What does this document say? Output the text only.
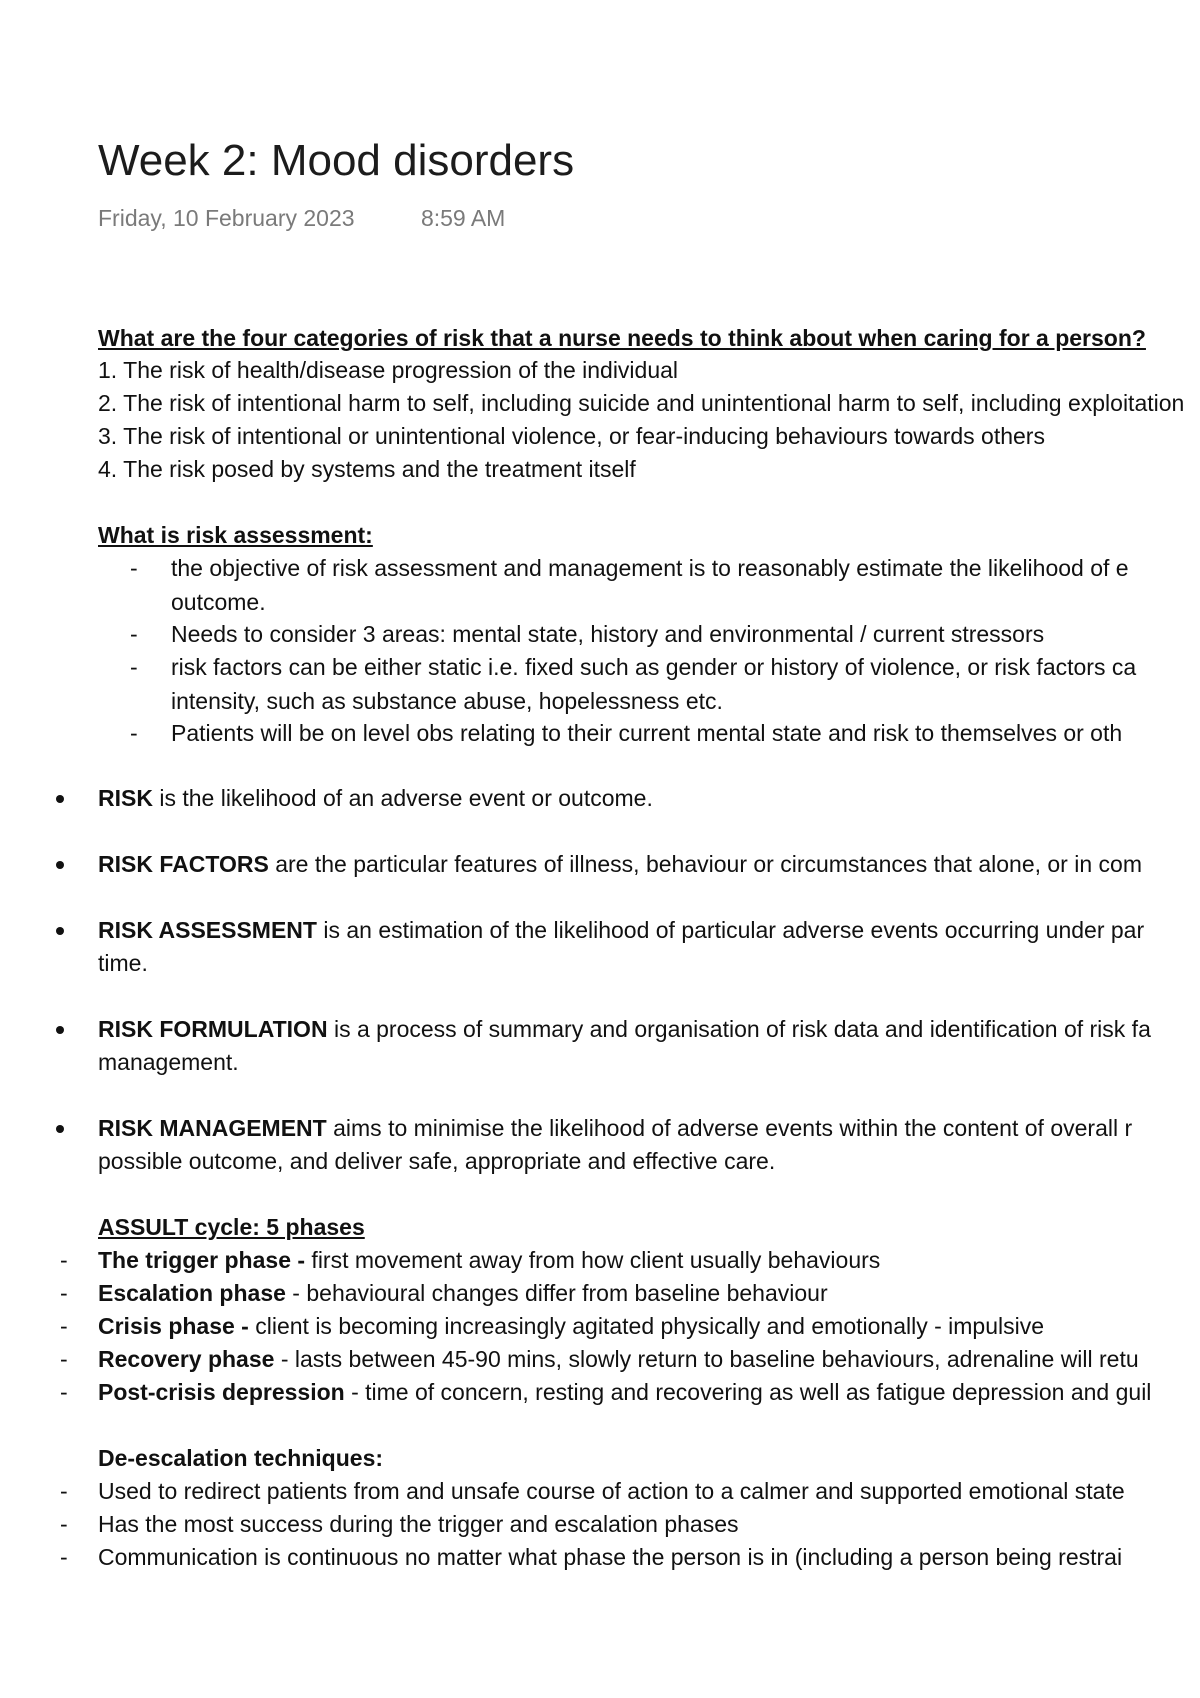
Week 2: Mood disorders
Friday, 10 February 2023	8:59 AM
What are the four categories of risk that a nurse needs to think about when caring for a person?
1. The risk of health/disease progression of the individual
2. The risk of intentional harm to self, including suicide and unintentional harm to self, including exploitation
3. The risk of intentional or unintentional violence, or fear-inducing behaviours towards others
4. The risk posed by systems and the treatment itself
What is risk assessment:
- the objective of risk assessment and management is to reasonably estimate the likelihood of e
outcome.
- Needs to consider 3 areas: mental state, history and environmental / current stressors
- risk factors can be either static i.e. fixed such as gender or history of violence, or risk factors ca
intensity, such as substance abuse, hopelessness etc.
- Patients will be on level obs relating to their current mental state and risk to themselves or oth
RISK is the likelihood of an adverse event or outcome.
RISK FACTORS are the particular features of illness, behaviour or circumstances that alone, or in com
RISK ASSESSMENT is an estimation of the likelihood of particular adverse events occurring under par
time.
RISK FORMULATION is a process of summary and organisation of risk data and identification of risk fa
management.
RISK MANAGEMENT aims to minimise the likelihood of adverse events within the content of overall r
possible outcome, and deliver safe, appropriate and effective care.
ASSULT cycle: 5 phases
- The trigger phase - first movement away from how client usually behaviours
- Escalation phase - behavioural changes differ from baseline behaviour
- Crisis phase - client is becoming increasingly agitated physically and emotionally - impulsive
- Recovery phase - lasts between 45-90 mins, slowly return to baseline behaviours, adrenaline will retu
- Post-crisis depression - time of concern, resting and recovering as well as fatigue depression and guil
De-escalation techniques:
- Used to redirect patients from and unsafe course of action to a calmer and supported emotional state
- Has the most success during the trigger and escalation phases
- Communication is continuous no matter what phase the person is in (including a person being restrai
